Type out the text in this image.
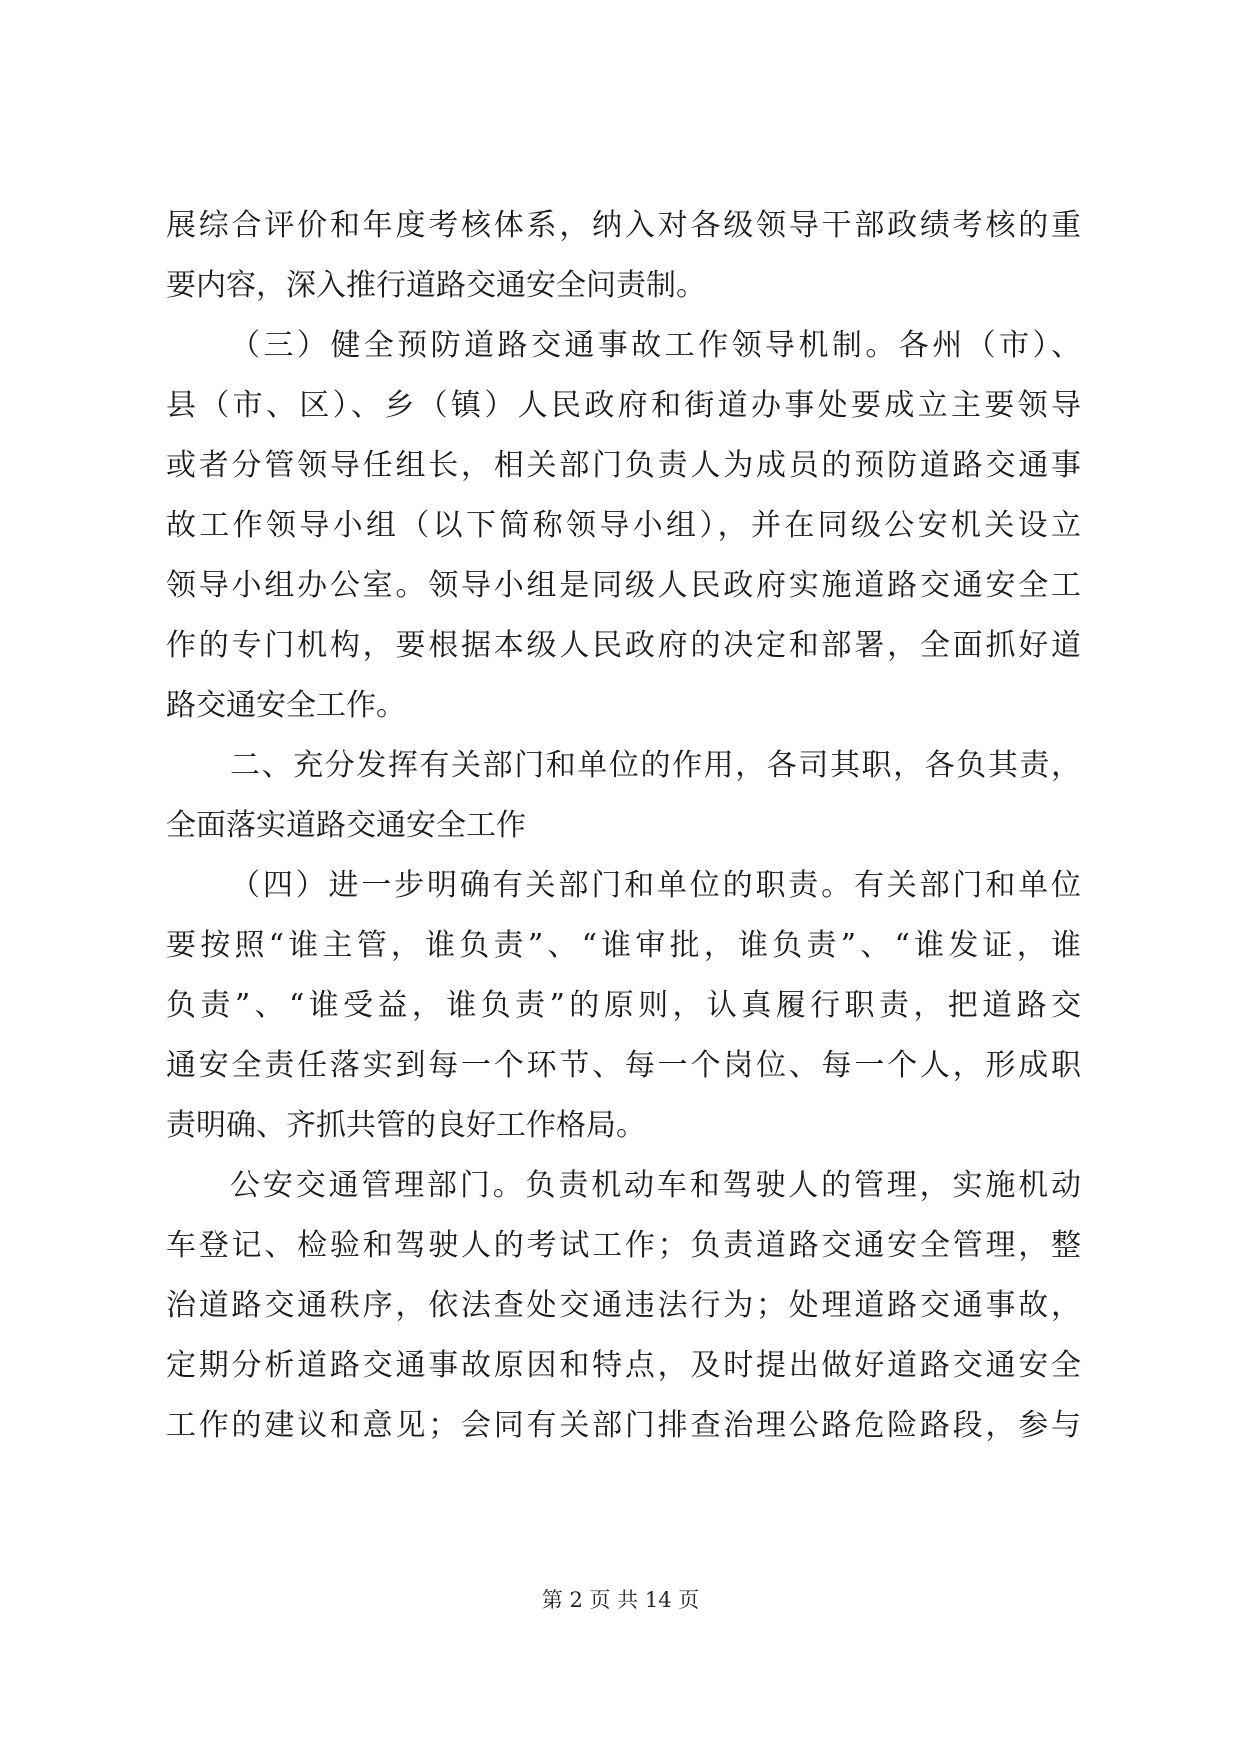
展综合评价和年度考核体系，纳入对各级领导干部政绩考核的重
要内容，深入推行道路交通安全问责制。
（三）健全预防道路交通事故工作领导机制。各州（市）、
县（市、区）、乡（镇）人民政府和街道办事处要成立主要领导
或者分管领导任组长，相关部门负责人为成员的预防道路交通事
故工作领导小组（以下简称领导小组），并在同级公安机关设立
领导小组办公室。领导小组是同级人民政府实施道路交通安全工
作的专门机构，要根据本级人民政府的决定和部署，全面抓好道
路交通安全工作。
二、充分发挥有关部门和单位的作用，各司其职，各负其责，
全面落实道路交通安全工作
（四）进一步明确有关部门和单位的职责。有关部门和单位
要按照“谁主管，谁负责”、“谁审批，谁负责”、“谁发证，谁
负责”、“谁受益，谁负责”的原则，认真履行职责，把道路交
通安全责任落实到每一个环节、每一个岗位、每一个人，形成职
责明确、齐抓共管的良好工作格局。
公安交通管理部门。负责机动车和驾驶人的管理，实施机动
车登记、检验和驾驶人的考试工作；负责道路交通安全管理，整
治道路交通秩序，依法查处交通违法行为；处理道路交通事故，
定期分析道路交通事故原因和特点，及时提出做好道路交通安全
工作的建议和意见；会同有关部门排查治理公路危险路段，参与
第 2 页 共 14 页
